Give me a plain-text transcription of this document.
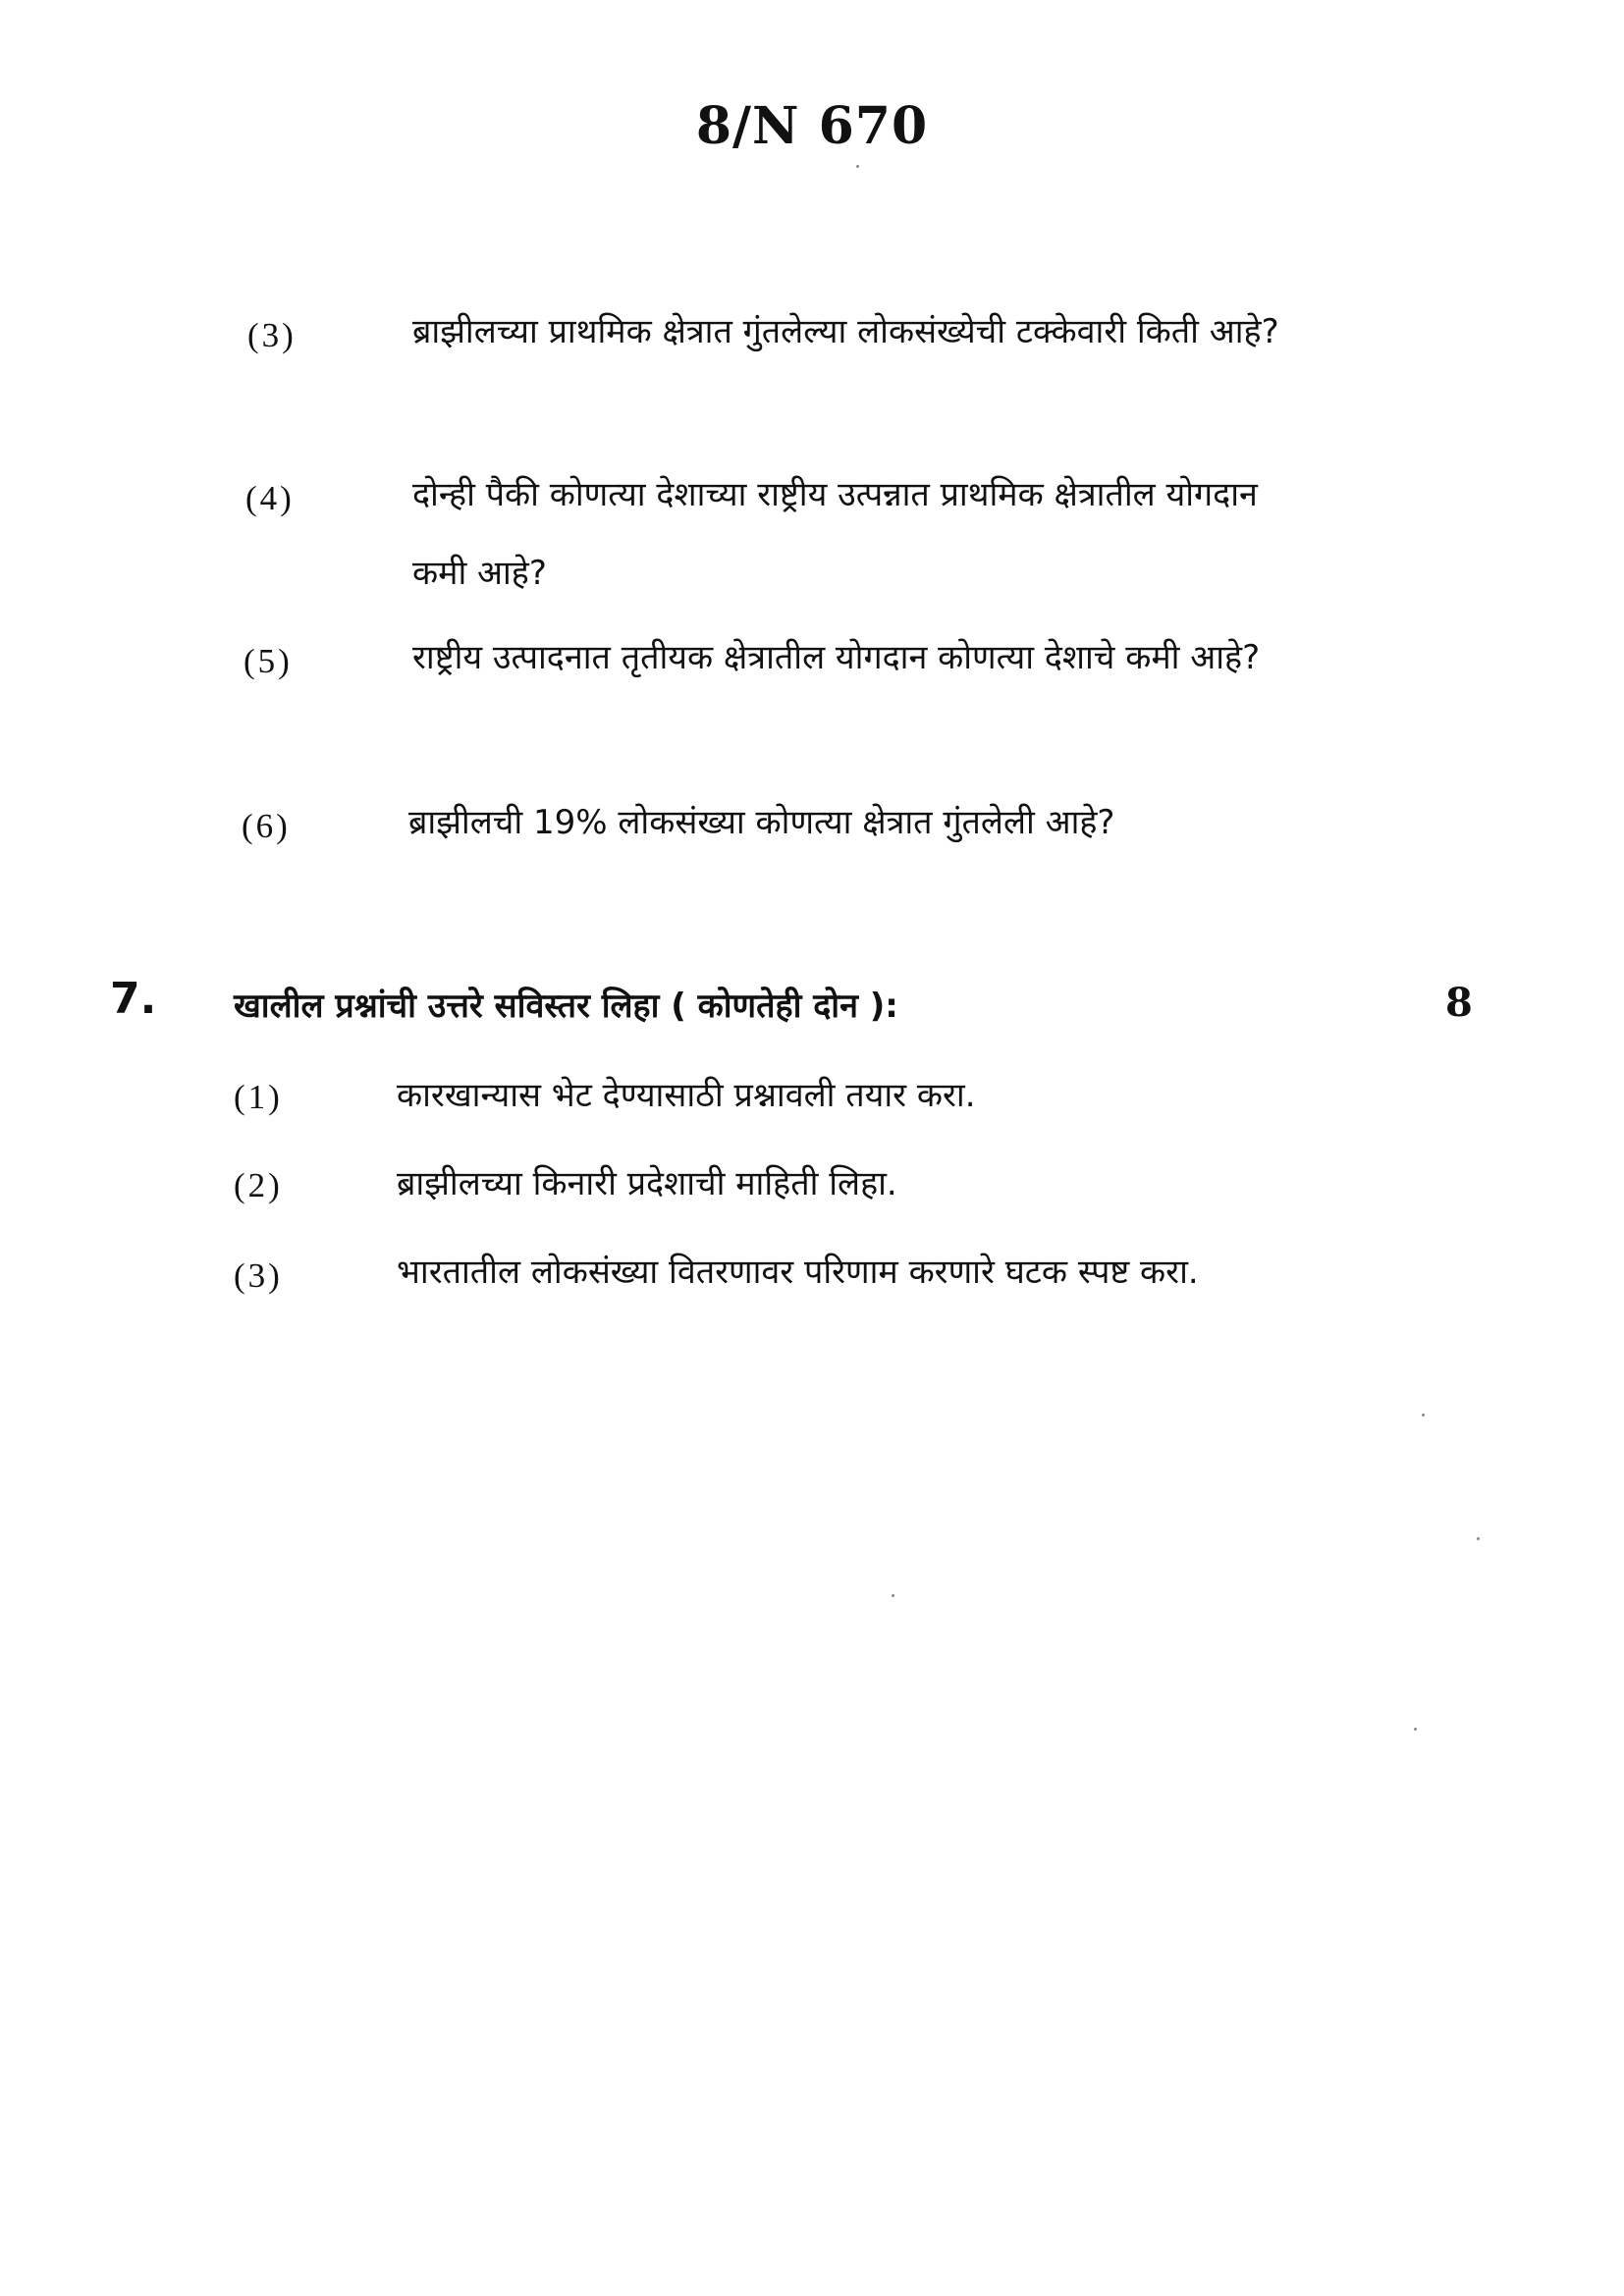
8/N 670
(3)	ब्राझीलच्या प्राथमिक क्षेत्रात गुंतलेल्या लोकसंख्येची टक्केवारी किती आहे?
(4)	दोन्ही पैकी कोणत्या देशाच्या राष्ट्रीय उत्पन्नात प्राथमिक क्षेत्रातील योगदान कमी आहे?
(5)	राष्ट्रीय उत्पादनात तृतीयक क्षेत्रातील योगदान कोणत्या देशाचे कमी आहे?
(6)	ब्राझीलची 19% लोकसंख्या कोणत्या क्षेत्रात गुंतलेली आहे?
7. खालील प्रश्नांची उत्तरे सविस्तर लिहा ( कोणतेही दोन ):	8
(1)	कारखान्यास भेट देण्यासाठी प्रश्नावली तयार करा.
(2)	ब्राझीलच्या किनारी प्रदेशाची माहिती लिहा.
(3)	भारतातील लोकसंख्या वितरणावर परिणाम करणारे घटक स्पष्ट करा.
